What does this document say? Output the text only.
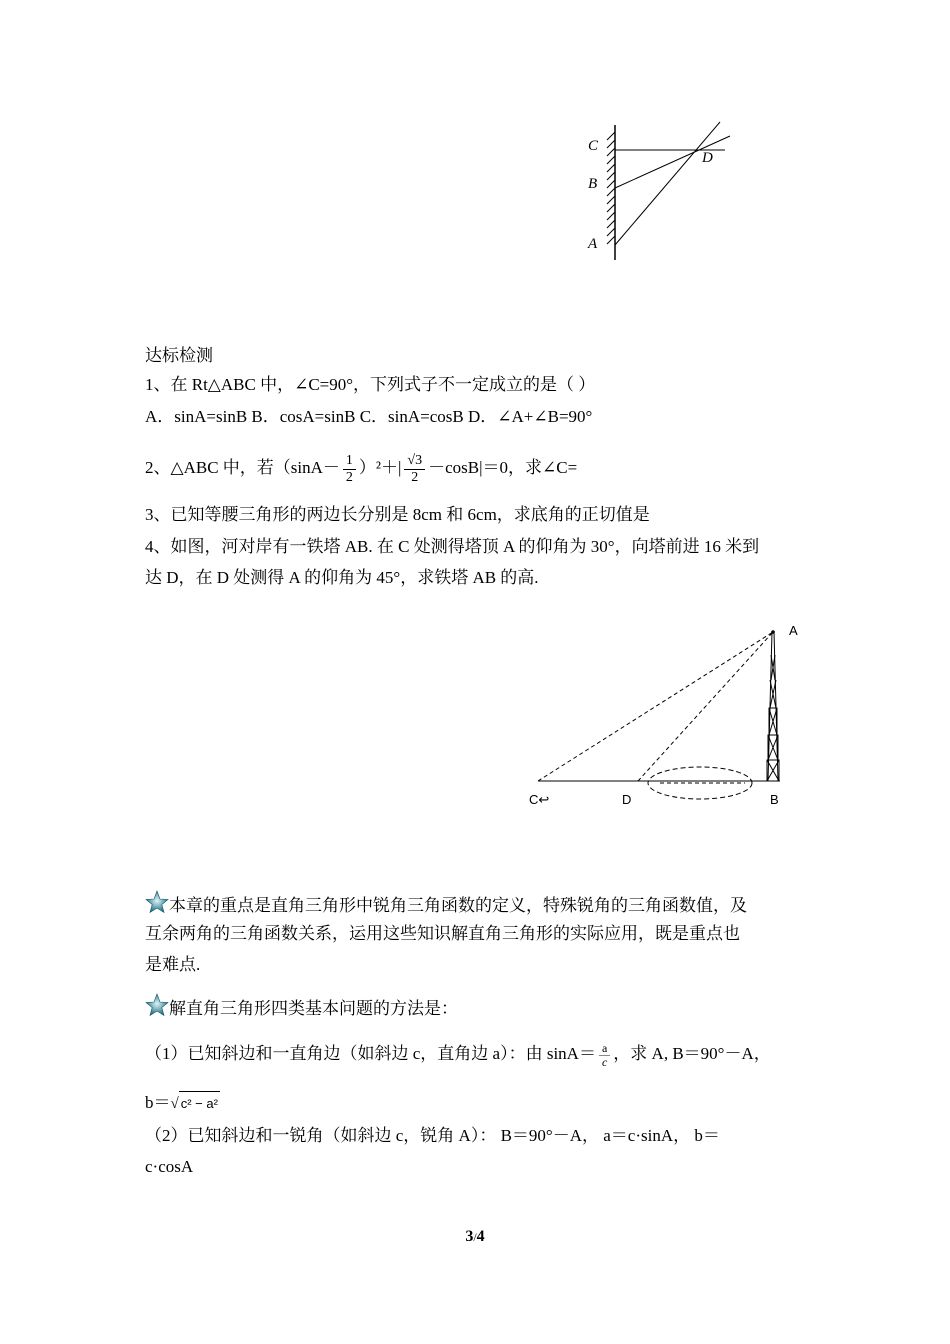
C
B
A
D
达标检测
1、在 Rt△ABC 中，∠C=90°，下列式子不一定成立的是（ ）
A．sinA=sinB B．cosA=sinB C．sinA=cosB D．∠A+∠B=90°
2、△ABC 中，若$(\sin A- \frac{1}{2} )^2+| \frac{√3}{2} -\cos B|=0$，求∠C=
3、已知等腰三角形的两边长分别是 8cm 和 6cm，求底角的正切值是
4、如图，河对岸有一铁塔 AB. 在 C 处测得塔顶 A 的仰角为 30°，向塔前进 16 米到
达 D，在 D 处测得 A 的仰角为 45°，求铁塔 AB 的高.
A
C↩	D	B
本章的重点是直角三角形中锐角三角函数的定义，特殊锐角的三角函数值，及
互余两角的三角函数关系，运用这些知识解直角三角形的实际应用，既是重点也
是难点.
解直角三角形四类基本问题的方法是：
（1）已知斜边和一直角边（如斜边 c，直角边 a）：由 $\sin A= \frac{a}{c}$ ，求 A, B＝90°－A，
b＝√ c² − a²
（2）已知斜边和一锐角（如斜边 c，锐角 A）： B＝90°－A， a＝c·sinA， b＝
c·cosA
3/4
